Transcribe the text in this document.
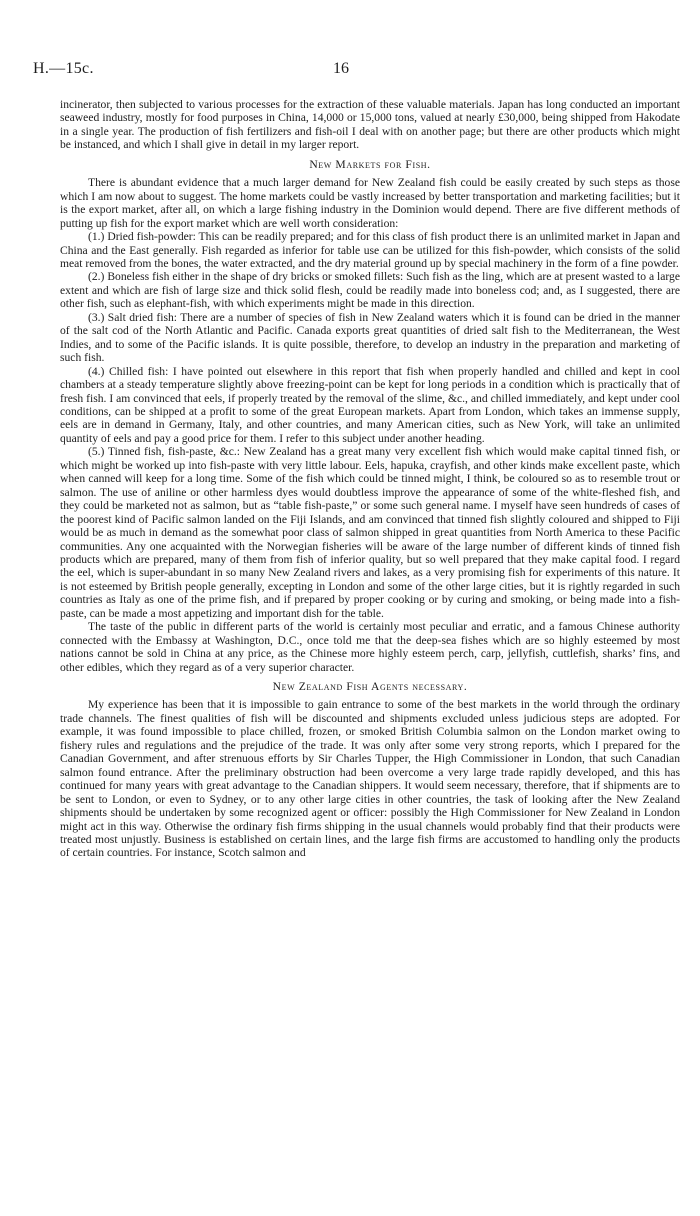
H.—15c.	16

incinerator, then subjected to various processes for the extraction of these valuable materials. Japan has long conducted an important seaweed industry, mostly for food purposes in China, 14,000 or 15,000 tons, valued at nearly £30,000, being shipped from Hakodate in a single year. The production of fish fertilizers and fish-oil I deal with on another page; but there are other products which might be instanced, and which I shall give in detail in my larger report.

New Markets for Fish.

There is abundant evidence that a much larger demand for New Zealand fish could be easily created by such steps as those which I am now about to suggest. The home markets could be vastly increased by better transportation and marketing facilities; but it is the export market, after all, on which a large fishing industry in the Dominion would depend. There are five different methods of putting up fish for the export market which are well worth consideration:

(1.) Dried fish-powder: This can be readily prepared; and for this class of fish product there is an unlimited market in Japan and China and the East generally. Fish regarded as inferior for table use can be utilized for this fish-powder, which consists of the solid meat removed from the bones, the water extracted, and the dry material ground up by special machinery in the form of a fine powder.

(2.) Boneless fish either in the shape of dry bricks or smoked fillets: Such fish as the ling, which are at present wasted to a large extent and which are fish of large size and thick solid flesh, could be readily made into boneless cod; and, as I suggested, there are other fish, such as elephant-fish, with which experiments might be made in this direction.

(3.) Salt dried fish: There are a number of species of fish in New Zealand waters which it is found can be dried in the manner of the salt cod of the North Atlantic and Pacific. Canada exports great quantities of dried salt fish to the Mediterranean, the West Indies, and to some of the Pacific islands. It is quite possible, therefore, to develop an industry in the preparation and marketing of such fish.

(4.) Chilled fish: I have pointed out elsewhere in this report that fish when properly handled and chilled and kept in cool chambers at a steady temperature slightly above freezing-point can be kept for long periods in a condition which is practically that of fresh fish. I am convinced that eels, if properly treated by the removal of the slime, &c., and chilled immediately, and kept under cool conditions, can be shipped at a profit to some of the great European markets. Apart from London, which takes an immense supply, eels are in demand in Germany, Italy, and other countries, and many American cities, such as New York, will take an unlimited quantity of eels and pay a good price for them. I refer to this subject under another heading.

(5.) Tinned fish, fish-paste, &c.: New Zealand has a great many very excellent fish which would make capital tinned fish, or which might be worked up into fish-paste with very little labour. Eels, hapuka, crayfish, and other kinds make excellent paste, which when canned will keep for a long time. Some of the fish which could be tinned might, I think, be coloured so as to resemble trout or salmon. The use of aniline or other harmless dyes would doubtless improve the appearance of some of the white-fleshed fish, and they could be marketed not as salmon, but as “table fish-paste,” or some such general name. I myself have seen hundreds of cases of the poorest kind of Pacific salmon landed on the Fiji Islands, and am convinced that tinned fish slightly coloured and shipped to Fiji would be as much in demand as the somewhat poor class of salmon shipped in great quantities from North America to these Pacific communities. Any one acquainted with the Norwegian fisheries will be aware of the large number of different kinds of tinned fish products which are prepared, many of them from fish of inferior quality, but so well prepared that they make capital food. I regard the eel, which is super-abundant in so many New Zealand rivers and lakes, as a very promising fish for experiments of this nature. It is not esteemed by British people generally, excepting in London and some of the other large cities, but it is rightly regarded in such countries as Italy as one of the prime fish, and if prepared by proper cooking or by curing and smoking, or being made into a fish-paste, can be made a most appetizing and important dish for the table.

The taste of the public in different parts of the world is certainly most peculiar and erratic, and a famous Chinese authority connected with the Embassy at Washington, D.C., once told me that the deep-sea fishes which are so highly esteemed by most nations cannot be sold in China at any price, as the Chinese more highly esteem perch, carp, jellyfish, cuttlefish, sharks’ fins, and other edibles, which they regard as of a very superior character.

New Zealand Fish Agents necessary.

My experience has been that it is impossible to gain entrance to some of the best markets in the world through the ordinary trade channels. The finest qualities of fish will be discounted and shipments excluded unless judicious steps are adopted. For example, it was found impossible to place chilled, frozen, or smoked British Columbia salmon on the London market owing to fishery rules and regulations and the prejudice of the trade. It was only after some very strong reports, which I prepared for the Canadian Government, and after strenuous efforts by Sir Charles Tupper, the High Commissioner in London, that such Canadian salmon found entrance. After the preliminary obstruction had been overcome a very large trade rapidly developed, and this has continued for many years with great advantage to the Canadian shippers. It would seem necessary, therefore, that if shipments are to be sent to London, or even to Sydney, or to any other large cities in other countries, the task of looking after the New Zealand shipments should be undertaken by some recognized agent or officer: possibly the High Commissioner for New Zealand in London might act in this way. Otherwise the ordinary fish firms shipping in the usual channels would probably find that their products were treated most unjustly. Business is established on certain lines, and the large fish firms are accustomed to handling only the products of certain countries. For instance, Scotch salmon and
